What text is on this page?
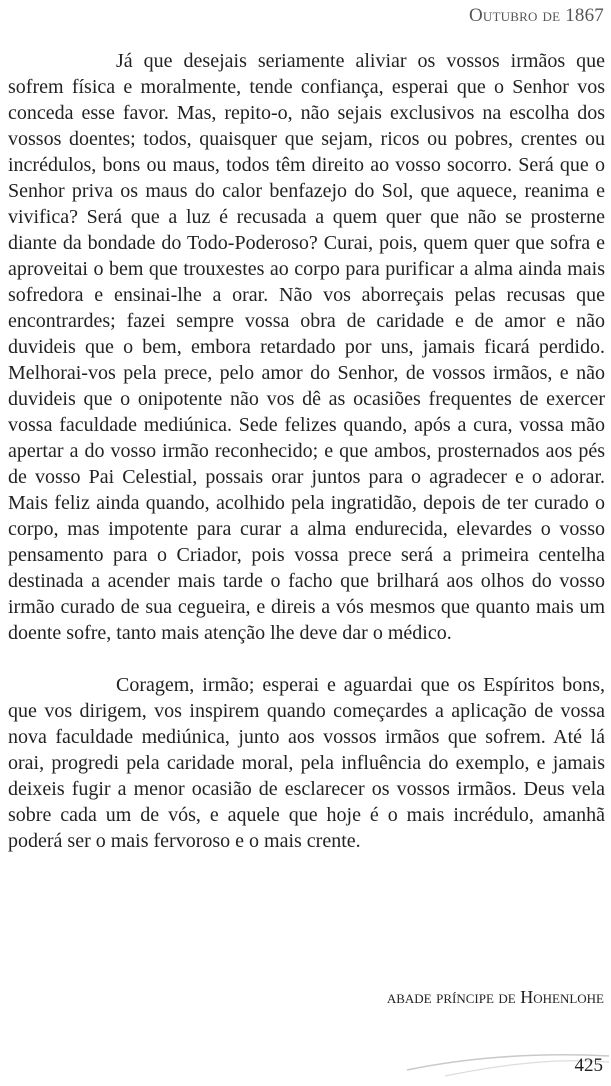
Outubro de 1867

Já que desejais seriamente aliviar os vossos irmãos que sofrem física e moralmente, tende confiança, esperai que o Senhor vos conceda esse favor. Mas, repito-o, não sejais exclusivos na escolha dos vossos doentes; todos, quaisquer que sejam, ricos ou pobres, crentes ou incrédulos, bons ou maus, todos têm direito ao vosso socorro. Será que o Senhor priva os maus do calor benfazejo do Sol, que aquece, reanima e vivifica? Será que a luz é recusada a quem quer que não se prosterne diante da bondade do Todo-Poderoso? Curai, pois, quem quer que sofra e aproveitai o bem que trouxestes ao corpo para purificar a alma ainda mais sofredora e ensinai-lhe a orar. Não vos aborreçais pelas recusas que encontrardes; fazei sempre vossa obra de caridade e de amor e não duvideis que o bem, embora retardado por uns, jamais ficará perdido. Melhorai-vos pela prece, pelo amor do Senhor, de vossos irmãos, e não duvideis que o onipotente não vos dê as ocasiões frequentes de exercer vossa faculdade mediúnica. Sede felizes quando, após a cura, vossa mão apertar a do vosso irmão reconhecido; e que ambos, prosternados aos pés de vosso Pai Celestial, possais orar juntos para o agradecer e o adorar. Mais feliz ainda quando, acolhido pela ingratidão, depois de ter curado o corpo, mas impotente para curar a alma endurecida, elevardes o vosso pensamento para o Criador, pois vossa prece será a primeira centelha destinada a acender mais tarde o facho que brilhará aos olhos do vosso irmão curado de sua cegueira, e direis a vós mesmos que quanto mais um doente sofre, tanto mais atenção lhe deve dar o médico.

Coragem, irmão; esperai e aguardai que os Espíritos bons, que vos dirigem, vos inspirem quando começardes a aplicação de vossa nova faculdade mediúnica, junto aos vossos irmãos que sofrem. Até lá orai, progredi pela caridade moral, pela influência do exemplo, e jamais deixeis fugir a menor ocasião de esclarecer os vossos irmãos. Deus vela sobre cada um de vós, e aquele que hoje é o mais incrédulo, amanhã poderá ser o mais fervoroso e o mais crente.

abade príncipe de Hohenlohe
425
